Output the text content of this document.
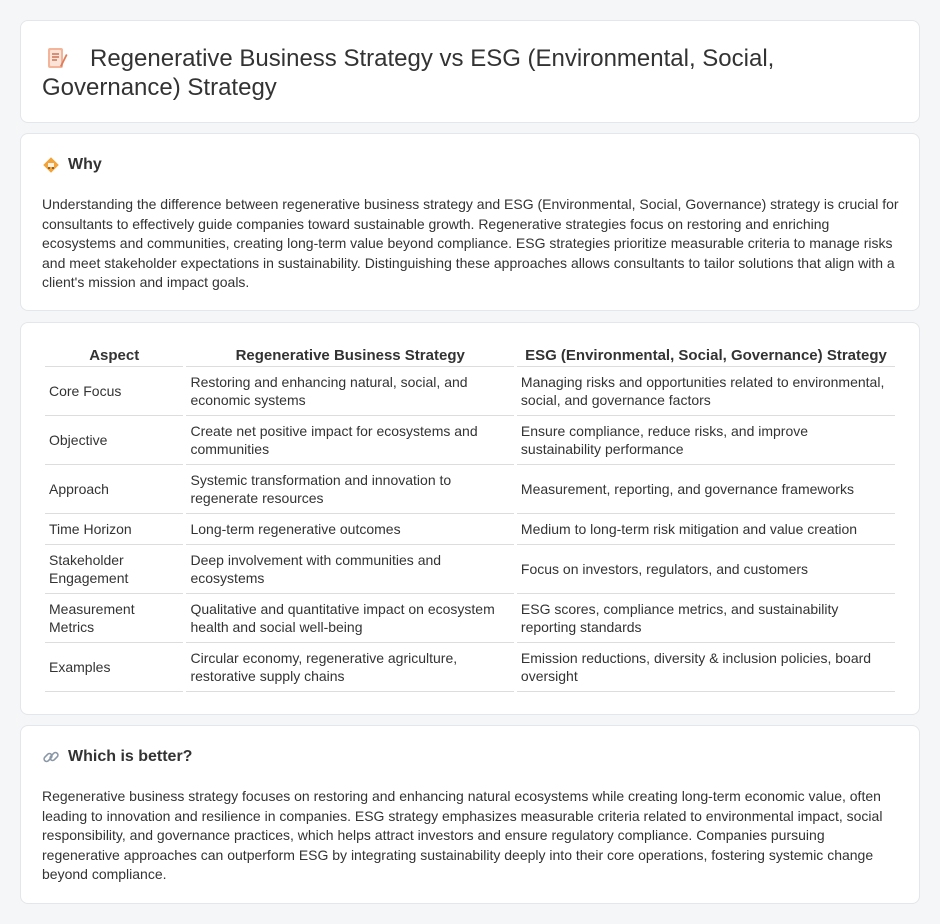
Regenerative Business Strategy vs ESG (Environmental, Social, Governance) Strategy
Why

Understanding the difference between regenerative business strategy and ESG (Environmental, Social, Governance) strategy is crucial for consultants to effectively guide companies toward sustainable growth. Regenerative strategies focus on restoring and enriching ecosystems and communities, creating long-term value beyond compliance. ESG strategies prioritize measurable criteria to manage risks and meet stakeholder expectations in sustainability. Distinguishing these approaches allows consultants to tailor solutions that align with a client's mission and impact goals.

Aspect	Regenerative Business Strategy	ESG (Environmental, Social, Governance) Strategy
Core Focus	Restoring and enhancing natural, social, and economic systems	Managing risks and opportunities related to environmental, social, and governance factors
Objective	Create net positive impact for ecosystems and communities	Ensure compliance, reduce risks, and improve sustainability performance
Approach	Systemic transformation and innovation to regenerate resources	Measurement, reporting, and governance frameworks
Time Horizon	Long-term regenerative outcomes	Medium to long-term risk mitigation and value creation
Stakeholder Engagement	Deep involvement with communities and ecosystems	Focus on investors, regulators, and customers
Measurement Metrics	Qualitative and quantitative impact on ecosystem health and social well-being	ESG scores, compliance metrics, and sustainability reporting standards
Examples	Circular economy, regenerative agriculture, restorative supply chains	Emission reductions, diversity & inclusion policies, board oversight
Which is better?

Regenerative business strategy focuses on restoring and enhancing natural ecosystems while creating long-term economic value, often leading to innovation and resilience in companies. ESG strategy emphasizes measurable criteria related to environmental impact, social responsibility, and governance practices, which helps attract investors and ensure regulatory compliance. Companies pursuing regenerative approaches can outperform ESG by integrating sustainability deeply into their core operations, fostering systemic change beyond compliance.
